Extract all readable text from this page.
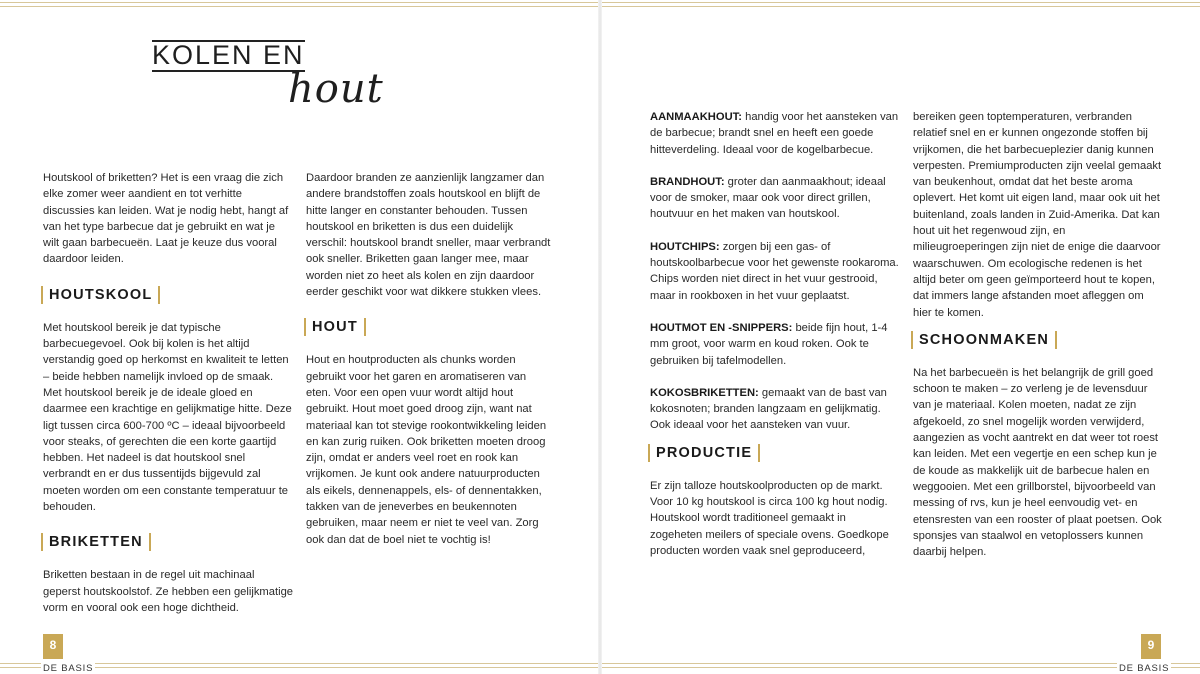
KOLEN EN
hout

Houtskool of briketten? Het is een vraag die zich elke zomer weer aandient en tot verhitte discussies kan leiden. Wat je nodig hebt, hangt af van het type barbecue dat je gebruikt en wat je wilt gaan barbecueën. Laat je keuze dus vooral daardoor leiden.

HOUTSKOOL

Met houtskool bereik je dat typische barbecuegevoel. Ook bij kolen is het altijd verstandig goed op herkomst en kwaliteit te letten – beide hebben namelijk invloed op de smaak. Met houtskool bereik je de ideale gloed en daarmee een krachtige en gelijkmatige hitte. Deze ligt tussen circa 600-700 ºC – ideaal bijvoorbeeld voor steaks, of gerechten die een korte gaartijd hebben. Het nadeel is dat houtskool snel verbrandt en er dus tussentijds bijgevuld zal moeten worden om een constante temperatuur te behouden.

BRIKETTEN

Briketten bestaan in de regel uit machinaal geperst houtskoolstof. Ze hebben een gelijkmatige vorm en vooral ook een hoge dichtheid.

Daardoor branden ze aanzienlijk langzamer dan andere brandstoffen zoals houtskool en blijft de hitte langer en constanter behouden. Tussen houtskool en briketten is dus een duidelijk verschil: houtskool brandt sneller, maar verbrandt ook sneller. Briketten gaan langer mee, maar worden niet zo heet als kolen en zijn daardoor eerder geschikt voor wat dikkere stukken vlees.

HOUT

Hout en houtproducten als chunks worden gebruikt voor het garen en aromatiseren van eten. Voor een open vuur wordt altijd hout gebruikt. Hout moet goed droog zijn, want nat materiaal kan tot stevige rookontwikkeling leiden en kan zurig ruiken. Ook briketten moeten droog zijn, omdat er anders veel roet en rook kan vrijkomen. Je kunt ook andere natuurproducten als eikels, dennenappels, els- of dennentakken, takken van de jeneverbes en beukennoten gebruiken, maar neem er niet te veel van. Zorg ook dan dat de boel niet te vochtig is!

AANMAAKHOUT: handig voor het aansteken van de barbecue; brandt snel en heeft een goede hitteverdeling. Ideaal voor de kogelbarbecue.

BRANDHOUT: groter dan aanmaakhout; ideaal voor de smoker, maar ook voor direct grillen, houtvuur en het maken van houtskool.

HOUTCHIPS: zorgen bij een gas- of houtskoolbarbecue voor het gewenste rookaroma. Chips worden niet direct in het vuur gestrooid, maar in rookboxen in het vuur geplaatst.

HOUTMOT EN -SNIPPERS: beide fijn hout, 1-4 mm groot, voor warm en koud roken. Ook te gebruiken bij tafelmodellen.

KOKOSBRIKETTEN: gemaakt van de bast van kokosnoten; branden langzaam en gelijkmatig. Ook ideaal voor het aansteken van vuur.

PRODUCTIE

Er zijn talloze houtskoolproducten op de markt. Voor 10 kg houtskool is circa 100 kg hout nodig. Houtskool wordt traditioneel gemaakt in zogeheten meilers of speciale ovens. Goedkope producten worden vaak snel geproduceerd,

bereiken geen toptemperaturen, verbranden relatief snel en er kunnen ongezonde stoffen bij vrijkomen, die het barbecueplezier danig kunnen verpesten. Premiumproducten zijn veelal gemaakt van beukenhout, omdat dat het beste aroma oplevert. Het komt uit eigen land, maar ook uit het buitenland, zoals landen in Zuid-Amerika. Dat kan hout uit het regenwoud zijn, en milieugroeperingen zijn niet de enige die daarvoor waarschuwen. Om ecologische redenen is het altijd beter om geen geïmporteerd hout te kopen, dat immers lange afstanden moet afleggen om hier te komen.

SCHOONMAKEN

Na het barbecueën is het belangrijk de grill goed schoon te maken – zo verleng je de levensduur van je materiaal. Kolen moeten, nadat ze zijn afgekoeld, zo snel mogelijk worden verwijderd, aangezien as vocht aantrekt en dat weer tot roest kan leiden. Met een vegertje en een schep kun je de koude as makkelijk uit de barbecue halen en weggooien. Met een grillborstel, bijvoorbeeld van messing of rvs, kun je heel eenvoudig vet- en etensresten van een rooster of plaat poetsen. Ook sponsjes van staalwol en vetoplossers kunnen daarbij helpen.

8
DE BASIS
9
DE BASIS
